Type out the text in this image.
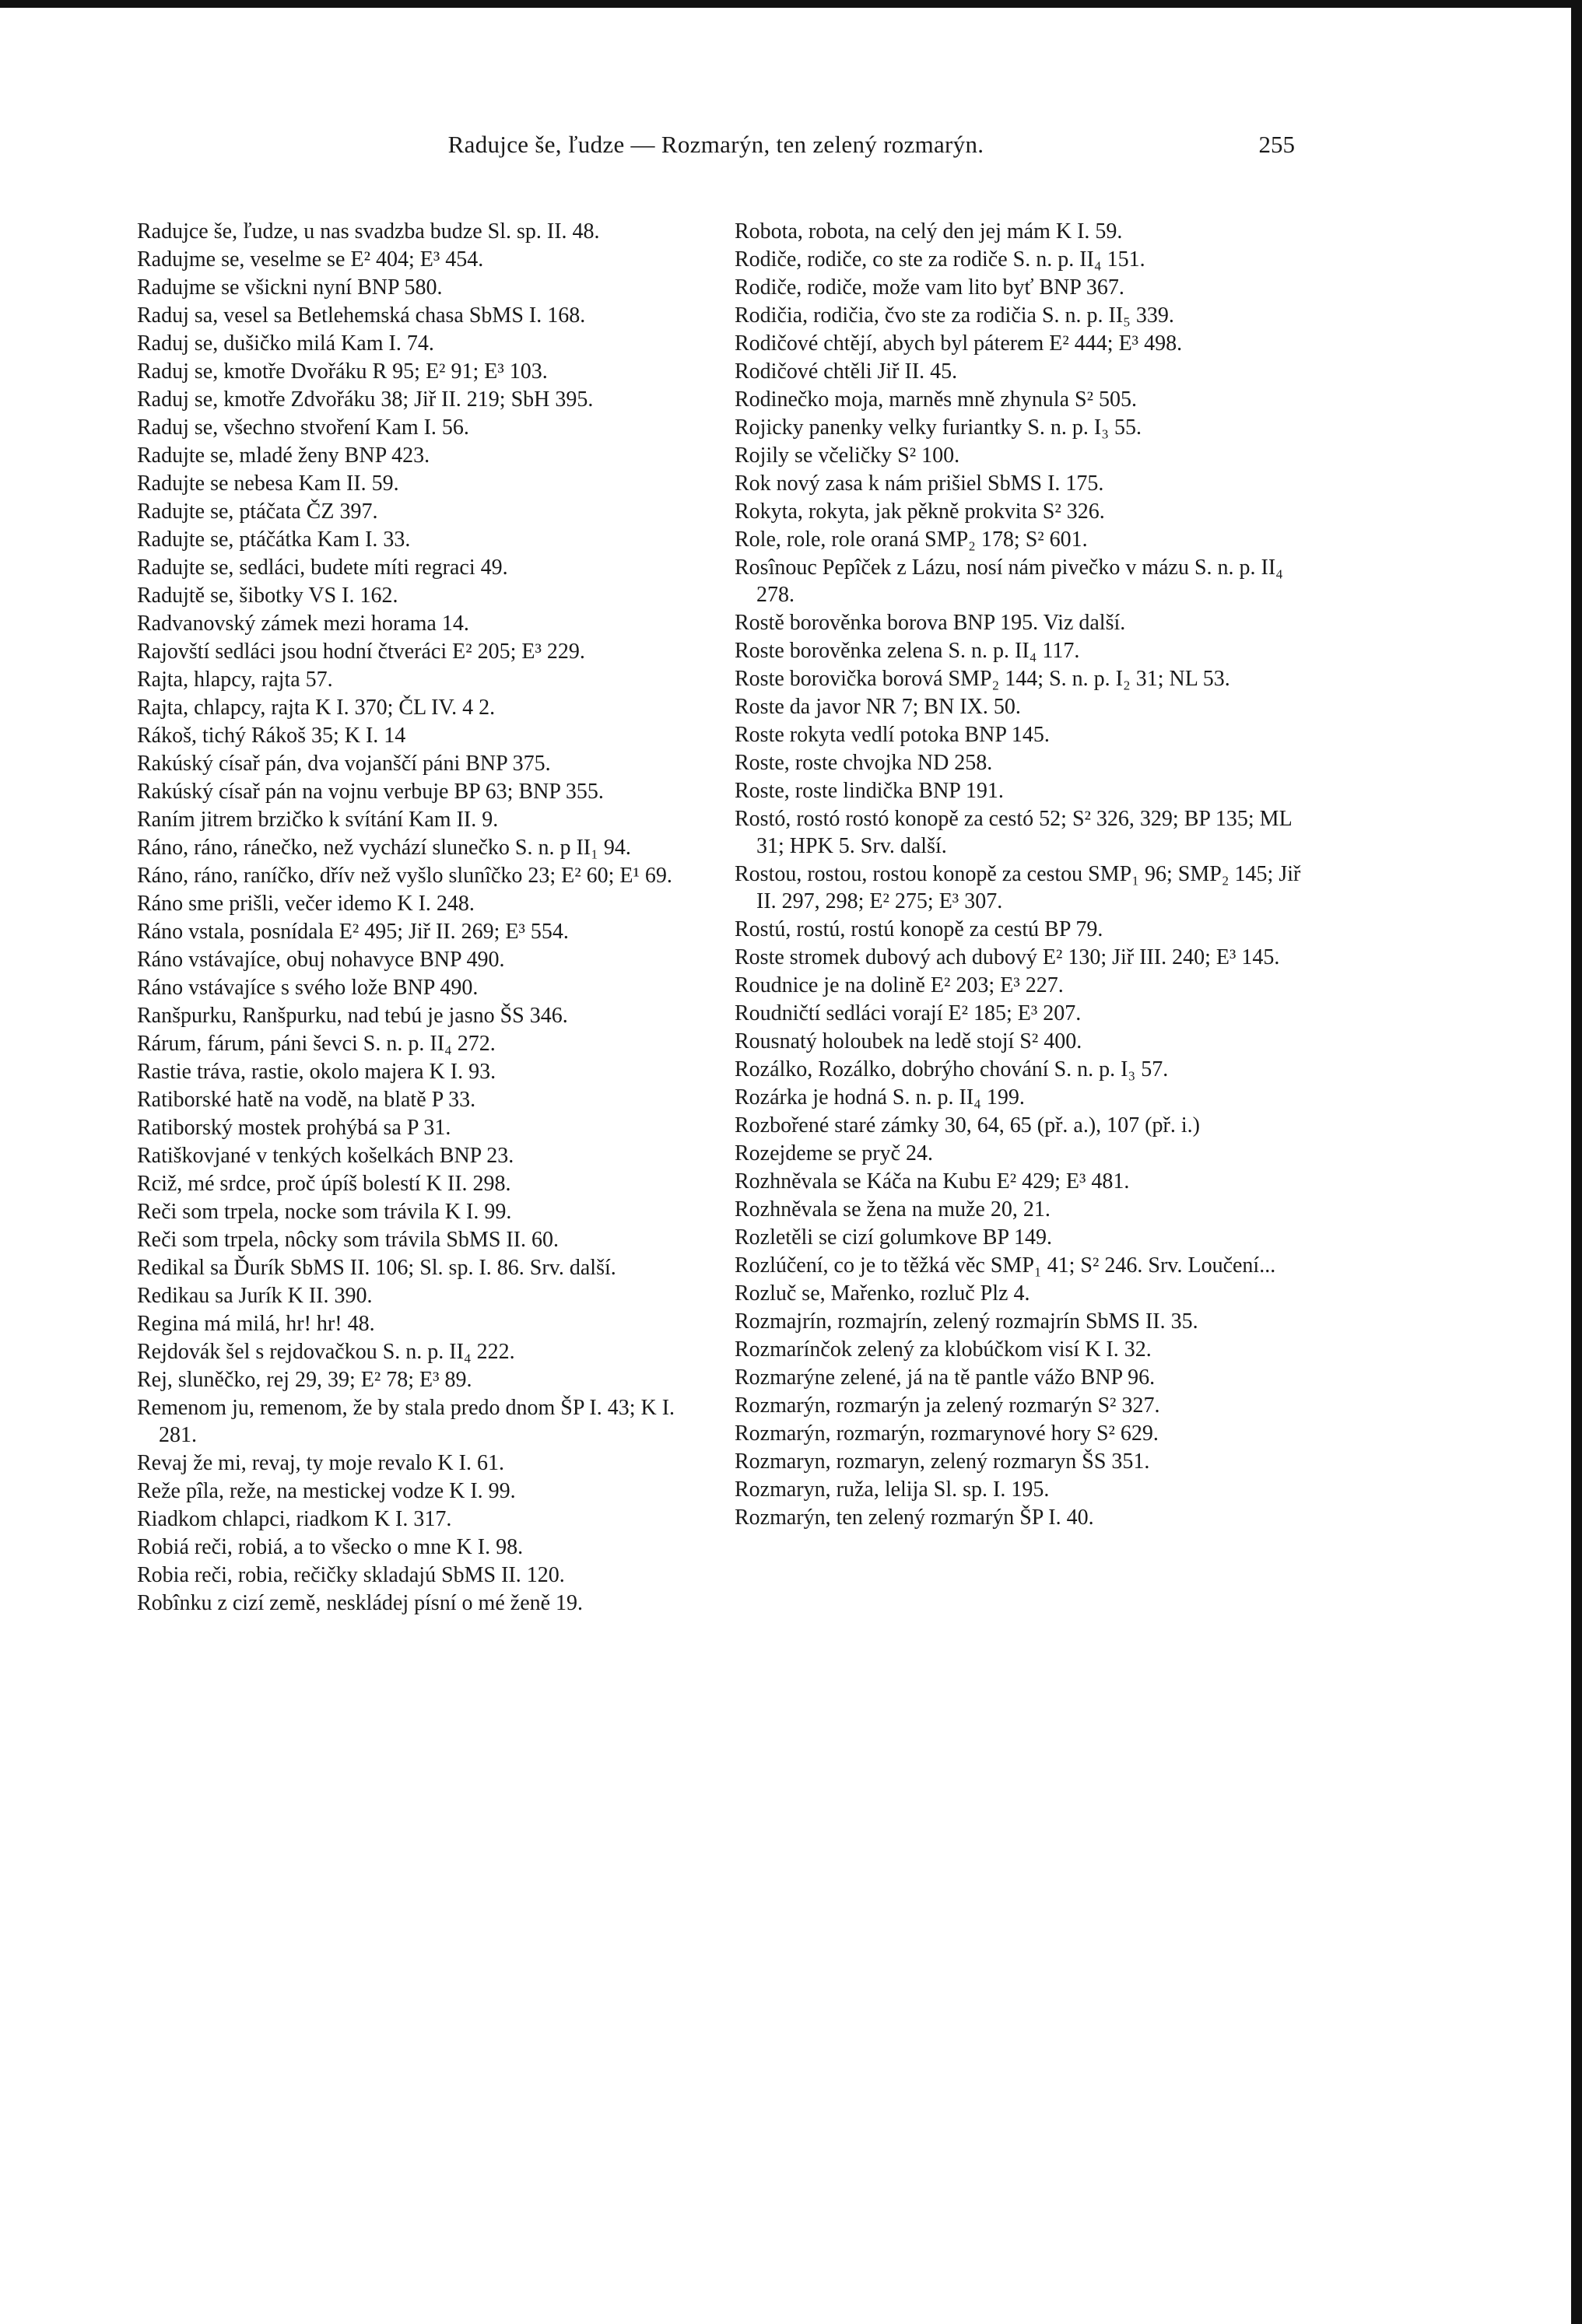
Radujce še, ľudze — Rozmarýn, ten zelený rozmarýn.	255

Radujce še, ľudze, u nas svadzba budze Sl. sp. II. 48.

Radujme se, veselme se E² 404; E³ 454.

Radujme se všickni nyní BNP 580.

Raduj sa, vesel sa Betlehemská chasa SbMS I. 168.

Raduj se, dušičko milá Kam I. 74.

Raduj se, kmotře Dvořáku R 95; E² 91; E³ 103.

Raduj se, kmotře Zdvořáku 38; Jiř II. 219; SbH 395.

Raduj se, všechno stvoření Kam I. 56.

Radujte se, mladé ženy BNP 423.

Radujte se nebesa Kam II. 59.

Radujte se, ptáčata ČZ 397.

Radujte se, ptáčátka Kam I. 33.

Radujte se, sedláci, budete míti regraci 49.

Radujtě se, šibotky VS I. 162.

Radvanovský zámek mezi horama 14.

Rajovští sedláci jsou hodní čtveráci E² 205; E³ 229.

Rajta, hlapcy, rajta 57.

Rajta, chlapcy, rajta K I. 370; ČL IV. 4 2.

Rákoš, tichý Rákoš 35; K I. 14

Rakúský císař pán, dva vojanščí páni BNP 375.

Rakúský císař pán na vojnu verbuje BP 63; BNP 355.

Raním jitrem brzičko k svítání Kam II. 9.

Ráno, ráno, ránečko, než vychází slunečko S. n. p II₁ 94.

Ráno, ráno, raníčko, dřív než vyšlo slunîčko 23; E² 60; E¹ 69.

Ráno sme prišli, večer idemo K I. 248.

Ráno vstala, posnídala E² 495; Jiř II. 269; E³ 554.

Ráno vstávajíce, obuj nohavyce BNP 490.

Ráno vstávajíce s svého lože BNP 490.

Ranšpurku, Ranšpurku, nad tebú je jasno ŠS 346.

Rárum, fárum, páni ševci S. n. p. II₄ 272.

Rastie tráva, rastie, okolo majera K I. 93.

Ratiborské hatě na vodě, na blatě P 33.

Ratiborský mostek prohýbá sa P 31.

Ratiškovjané v tenkých košelkách BNP 23.

Rciž, mé srdce, proč úpíš bolestí K II. 298.

Reči som trpela, nocke som trávila K I. 99.

Reči som trpela, nôcky som trávila SbMS II. 60.

Redikal sa Ďurík SbMS II. 106; Sl. sp. I. 86. Srv. další.

Redikau sa Jurík K II. 390.

Regina má milá, hr! hr! 48.

Rejdovák šel s rejdovačkou S. n. p. II₄ 222.

Rej, sluněčko, rej 29, 39; E² 78; E³ 89.

Remenom ju, remenom, že by stala predo dnom ŠP I. 43; K I. 281.

Revaj že mi, revaj, ty moje revalo K I. 61.

Reže pîla, reže, na mestickej vodze K I. 99.

Riadkom chlapci, riadkom K I. 317.

Robiá reči, robiá, a to všecko o mne K I. 98.

Robia reči, robia, rečičky skladajú SbMS II. 120.

Robînku z cizí země, neskládej písní o mé ženě 19.

Robota, robota, na celý den jej mám K I. 59.

Rodiče, rodiče, co ste za rodiče S. n. p. II₄ 151.

Rodiče, rodiče, može vam lito byť BNP 367.

Rodičia, rodičia, čvo ste za rodičia S. n. p. II₅ 339.

Rodičové chtějí, abych byl páterem E² 444; E³ 498.

Rodičové chtěli Jiř II. 45.

Rodinečko moja, marněs mně zhynula S² 505.

Rojicky panenky velky furiantky S. n. p. I₃ 55.

Rojily se včeličky S² 100.

Rok nový zasa k nám prišiel SbMS I. 175.

Rokyta, rokyta, jak pěkně prokvita S² 326.

Role, role, role oraná SMP₂ 178; S² 601.

Rosînouc Pepîček z Lázu, nosí nám pivečko v mázu S. n. p. II₄ 278.

Rostě borověnka borova BNP 195. Viz další.

Roste borověnka zelena S. n. p. II₄ 117.

Roste borovička borová SMP₂ 144; S. n. p. I₂ 31; NL 53.

Roste da javor NR 7; BN IX. 50.

Roste rokyta vedlí potoka BNP 145.

Roste, roste chvojka ND 258.

Roste, roste lindička BNP 191.

Rostó, rostó rostó konopě za cestó 52; S² 326, 329; BP 135; ML 31; HPK 5. Srv. další.

Rostou, rostou, rostou konopě za cestou SMP₁ 96; SMP₂ 145; Jiř II. 297, 298; E² 275; E³ 307.

Rostú, rostú, rostú konopě za cestú BP 79.

Roste stromek dubový ach dubový E² 130; Jiř III. 240; E³ 145.

Roudnice je na dolině E² 203; E³ 227.

Roudničtí sedláci vorají E² 185; E³ 207.

Rousnatý holoubek na ledě stojí S² 400.

Rozálko, Rozálko, dobrýho chování S. n. p. I₃ 57.

Rozárka je hodná S. n. p. II₄ 199.

Rozbořené staré zámky 30, 64, 65 (př. a.), 107 (př. i.)

Rozejdeme se pryč 24.

Rozhněvala se Káča na Kubu E² 429; E³ 481.

Rozhněvala se žena na muže 20, 21.

Rozletěli se cizí golumkove BP 149.

Rozlúčení, co je to těžká věc SMP₁ 41; S² 246. Srv. Loučení...

Rozluč se, Mařenko, rozluč Plz 4.

Rozmajrín, rozmajrín, zelený rozmajrín SbMS II. 35.

Rozmarínčok zelený za klobúčkom visí K I. 32.

Rozmarýne zelené, já na tě pantle vážo BNP 96.

Rozmarýn, rozmarýn ja zelený rozmarýn S² 327.

Rozmarýn, rozmarýn, rozmarynové hory S² 629.

Rozmaryn, rozmaryn, zelený rozmaryn ŠS 351.

Rozmaryn, ruža, lelija Sl. sp. I. 195.

Rozmarýn, ten zelený rozmarýn ŠP I. 40.
